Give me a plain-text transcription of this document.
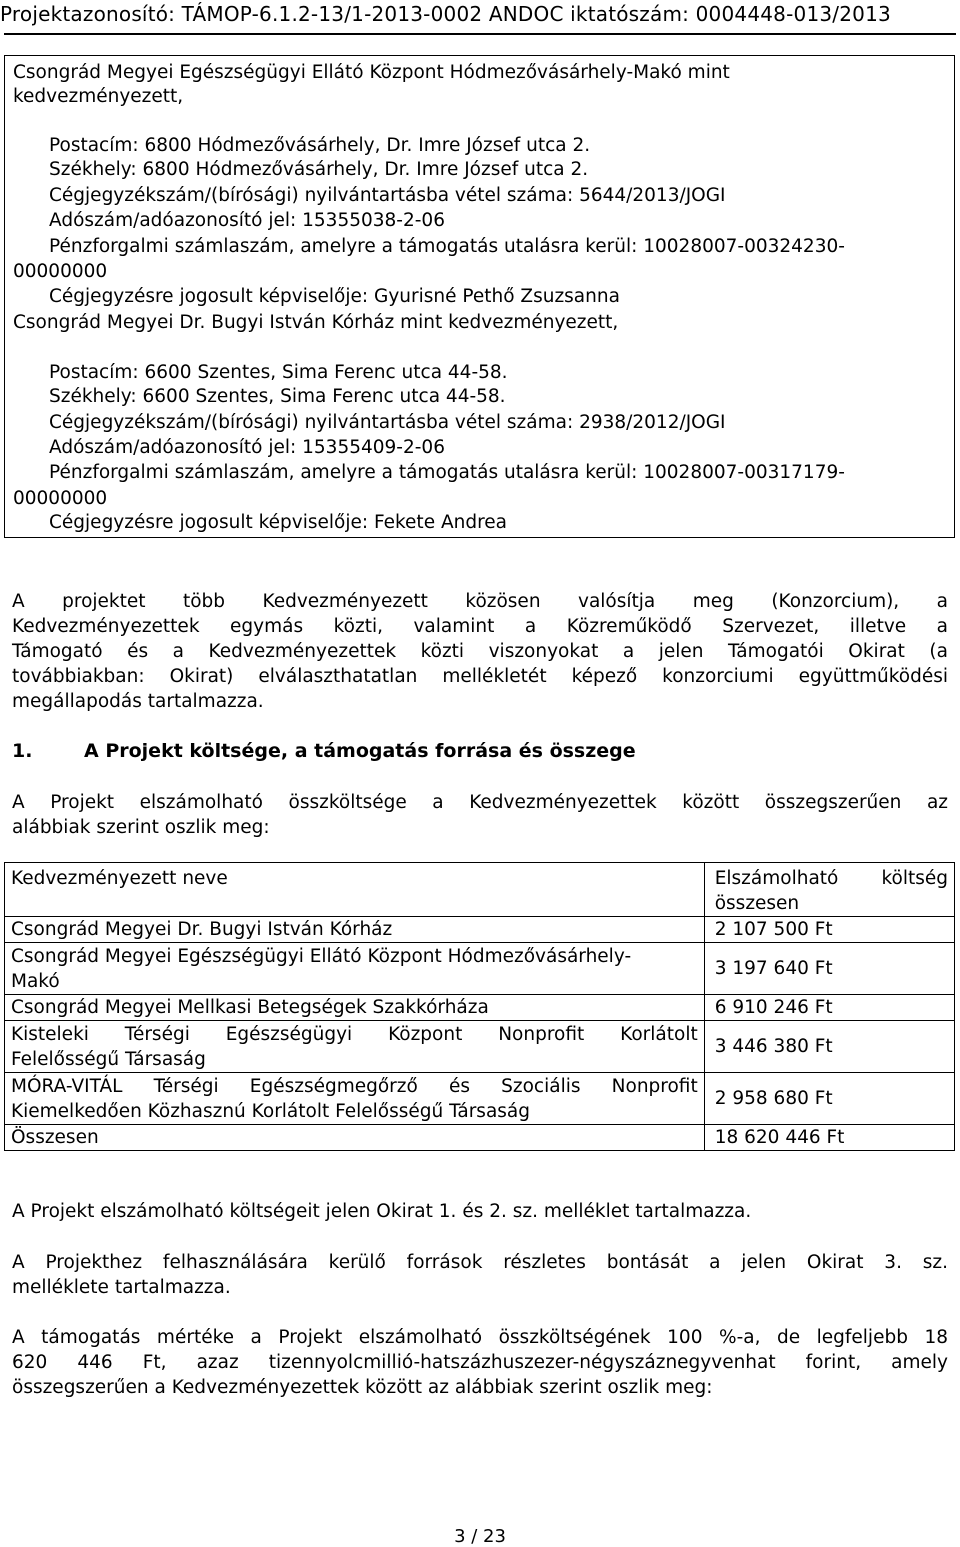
Projektazonosító: TÁMOP-6.1.2-13/1-2013-0002 ANDOC iktatószám: 0004448-013/2013
Csongrád Megyei Egészségügyi Ellátó Központ Hódmezővásárhely-Makó mint
kedvezményezett,
Postacím: 6800 Hódmezővásárhely, Dr. Imre József utca 2.
Székhely: 6800 Hódmezővásárhely, Dr. Imre József utca 2.
Cégjegyzékszám/(bírósági) nyilvántartásba vétel száma: 5644/2013/JOGI
Adószám/adóazonosító jel: 15355038-2-06
Pénzforgalmi számlaszám, amelyre a támogatás utalásra kerül: 10028007-00324230-
00000000
Cégjegyzésre jogosult képviselője: Gyurisné Pethő Zsuzsanna
Csongrád Megyei Dr. Bugyi István Kórház mint kedvezményezett,
Postacím: 6600 Szentes, Sima Ferenc utca 44-58.
Székhely: 6600 Szentes, Sima Ferenc utca 44-58.
Cégjegyzékszám/(bírósági) nyilvántartásba vétel száma: 2938/2012/JOGI
Adószám/adóazonosító jel: 15355409-2-06
Pénzforgalmi számlaszám, amelyre a támogatás utalásra kerül: 10028007-00317179-
00000000
Cégjegyzésre jogosult képviselője: Fekete Andrea
A projektet több Kedvezményezett közösen valósítja meg (Konzorcium), a
Kedvezményezettek egymás közti, valamint a Közreműködő Szervezet, illetve a
Támogató és a Kedvezményezettek közti viszonyokat a jelen Támogatói Okirat (a
továbbiakban: Okirat) elválaszthatatlan mellékletét képező konzorciumi együttműködési
megállapodás tartalmazza.
1.	A Projekt költsége, a támogatás forrása és összege
A Projekt elszámolható összköltsége a Kedvezményezettek között összegszerűen az
alábbiak szerint oszlik meg:
Kedvezményezett neve	Elszámolható költség
összesen

Csongrád Megyei Dr. Bugyi István Kórház	2 107 500 Ft

Csongrád Megyei Egészségügyi Ellátó Központ Hódmezővásárhely-
Makó	3 197 640 Ft
Csongrád Megyei Mellkasi Betegségek Szakkórháza	6 910 246 Ft

Kisteleki Térségi Egészségügyi Központ Nonprofit Korlátolt
Felelősségű Társaság	3 446 380 Ft

MÓRA-VITÁL Térségi Egészségmegőrző és Szociális Nonprofit
Kiemelkedően Közhasznú Korlátolt Felelősségű Társaság	2 958 680 Ft
Összesen	18 620 446 Ft
A Projekt elszámolható költségeit jelen Okirat 1. és 2. sz. melléklet tartalmazza.
A Projekthez felhasználására kerülő források részletes bontását a jelen Okirat 3. sz.
melléklete tartalmazza.
A támogatás mértéke a Projekt elszámolható összköltségének 100 %-a, de legfeljebb 18
620 446 Ft, azaz tizennyolcmillió-hatszázhuszezer-négyszáznegyvenhat forint, amely
összegszerűen a Kedvezményezettek között az alábbiak szerint oszlik meg:
3 / 23
